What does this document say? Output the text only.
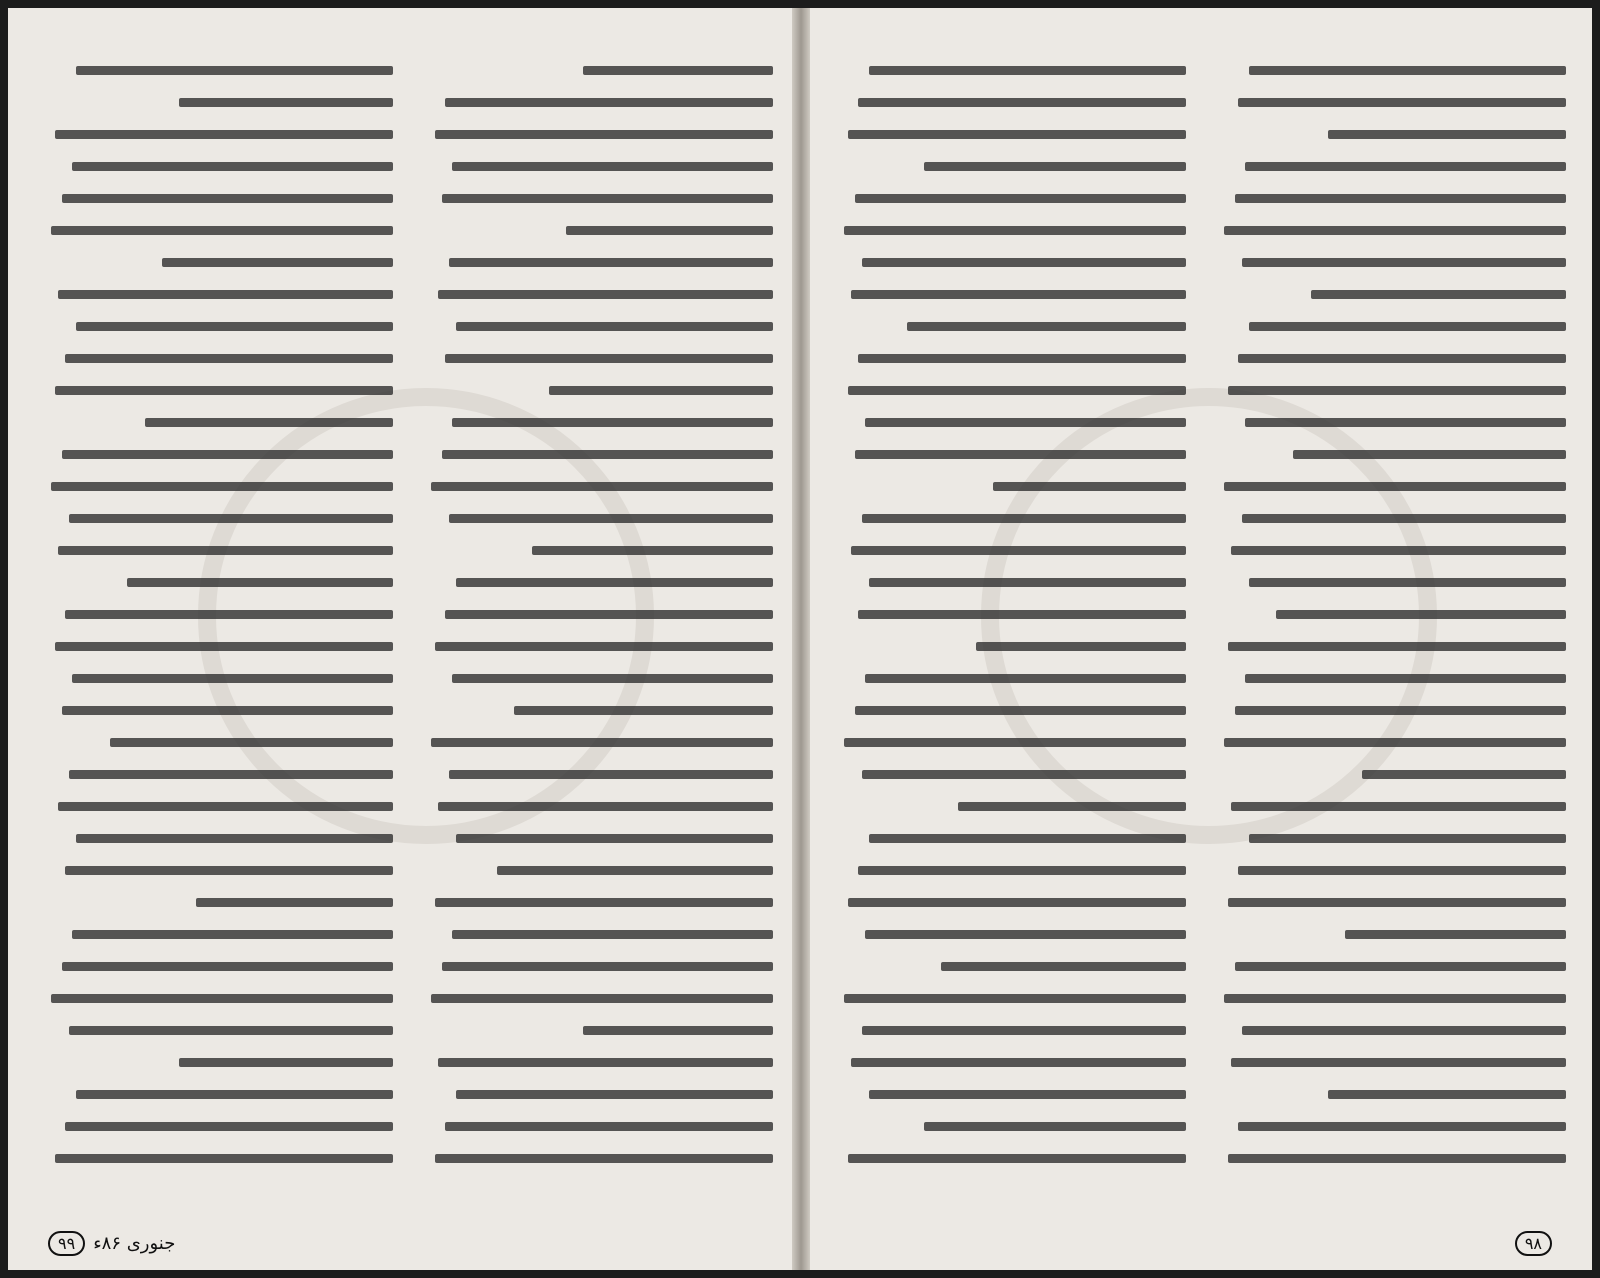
۹۹	جنوری ۸۶ء	۹۸
